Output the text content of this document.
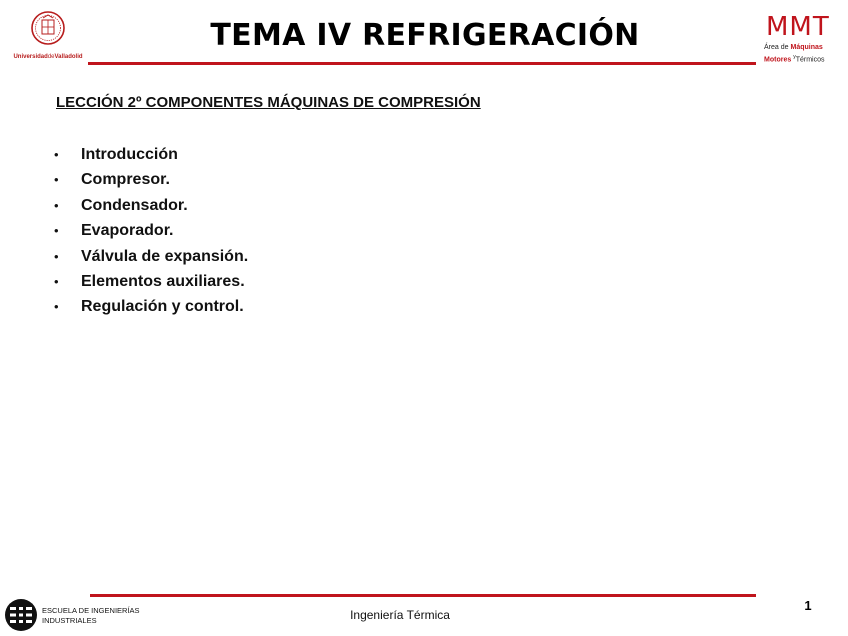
UniversidaddeValladolid
TEMA IV REFRIGERACIÓN	MMT
Área de Máquinas
Motores $^y$Térmicos
LECCIÓN 2º COMPONENTES MÁQUINAS DE COMPRESIÓN
• Introducción
• Compresor.
• Condensador.
• Evaporador.
• Válvula de expansión.
• Elementos auxiliares.
• Regulación y control.
ESCUELA DE INGENIERÍAS
INDUSTRIALES	Ingeniería Térmica
1
